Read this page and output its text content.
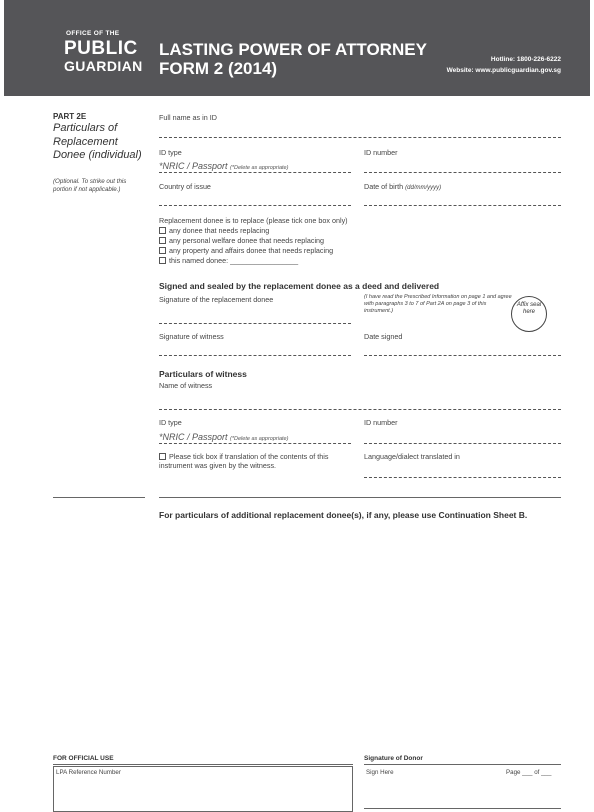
OFFICE OF THE
PUBLIC
GUARDIAN
LASTING POWER OF ATTORNEY
FORM 2 (2014)	Hotline: 1800-226-6222
Website: www.publicguardian.gov.sg
PART 2E
Particulars of Replacement Donee (individual)
(Optional. To strike out this portion if not applicable.)
Full name as in ID
ID type
*NRIC / Passport (*Delete as appropriate)
ID number
Country of issue	Date of birth (dd/mm/yyyy)
Replacement donee is to replace (please tick one box only)
any donee that needs replacing
any personal welfare donee that needs replacing
any property and affairs donee that needs replacing
this named donee: _________________
Signed and sealed by the replacement donee as a deed and delivered
Signature of the replacement donee	(I have read the Prescribed Information on page 1 and agree with paragraphs 3 to 7 of Part 2A on page 3 of this instrument.)
Affix seal here
Signature of witness	Date signed
Particulars of witness
Name of witness
ID type
*NRIC / Passport (*Delete as appropriate)
ID number
Please tick box if translation of the contents of this instrument was given by the witness.
Language/dialect translated in
For particulars of additional replacement donee(s), if any, please use Continuation Sheet B.
FOR OFFICIAL USE
LPA Reference Number
Signature of Donor
Sign Here	Page ___ of ___
